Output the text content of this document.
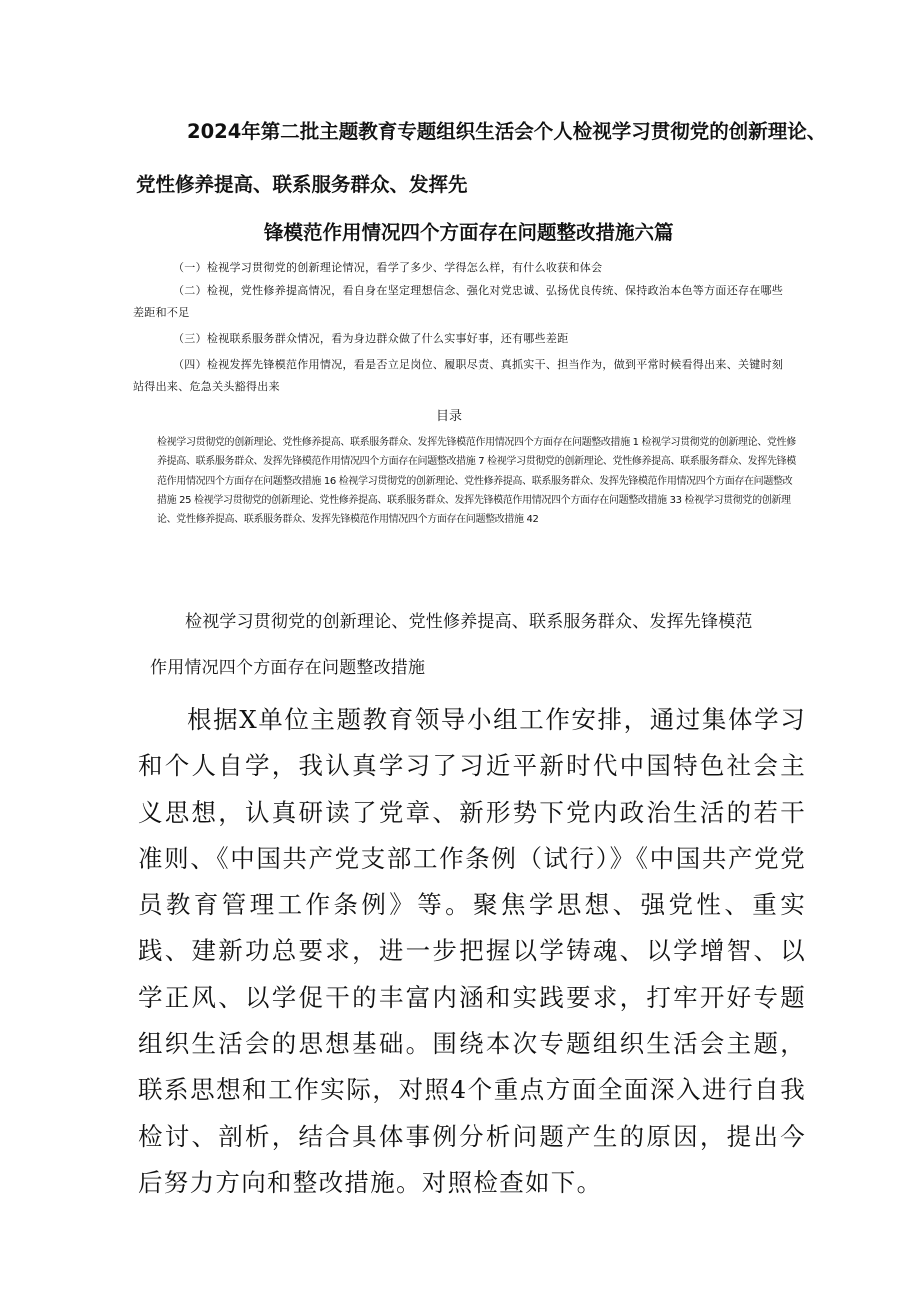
2024年第二批主题教育专题组织生活会个人检视学习贯彻党的创新理论、
党性修养提高、联系服务群众、发挥先
锋模范作用情况四个方面存在问题整改措施六篇

（一）检视学习贯彻党的创新理论情况，看学了多少、学得怎么样，有什么收获和体会

（二）检视，党性修养提高情况，看自身在坚定理想信念、强化对党忠诚、弘扬优良传统、保持政治本色等方面还存在哪些差距和不足

（三）检视联系服务群众情况，看为身边群众做了什么实事好事，还有哪些差距

（四）检视发挥先锋模范作用情况，看是否立足岗位、履职尽责、真抓实干、担当作为，做到平常时候看得出来、关键时刻站得出来、危急关头豁得出来

目录
检视学习贯彻党的创新理论、党性修养提高、联系服务群众、发挥先锋模范作用情况四个方面存在问题整改措施 1 检视学习贯彻党的创新理论、党性修养提高、联系服务群众、发挥先锋模范作用情况四个方面存在问题整改措施 7 检视学习贯彻党的创新理论、党性修养提高、联系服务群众、发挥先锋模范作用情况四个方面存在问题整改措施 16 检视学习贯彻党的创新理论、党性修养提高、联系服务群众、发挥先锋模范作用情况四个方面存在问题整改措施 25 检视学习贯彻党的创新理论、党性修养提高、联系服务群众、发挥先锋模范作用情况四个方面存在问题整改措施 33 检视学习贯彻党的创新理论、党性修养提高、联系服务群众、发挥先锋模范作用情况四个方面存在问题整改措施 42
检视学习贯彻党的创新理论、党性修养提高、联系服务群众、发挥先锋模范
作用情况四个方面存在问题整改措施

根据X单位主题教育领导小组工作安排，通过集体学习和个人自学，我认真学习了习近平新时代中国特色社会主义思想，认真研读了党章、新形势下党内政治生活的若干准则、《中国共产党支部工作条例（试行）》《中国共产党党员教育管理工作条例》等。聚焦学思想、强党性、重实践、建新功总要求，进一步把握以学铸魂、以学增智、以学正风、以学促干的丰富内涵和实践要求，打牢开好专题组织生活会的思想基础。围绕本次专题组织生活会主题，联系思想和工作实际，对照4个重点方面全面深入进行自我检讨、剖析，结合具体事例分析问题产生的原因，提出今后努力方向和整改措施。对照检查如下。
